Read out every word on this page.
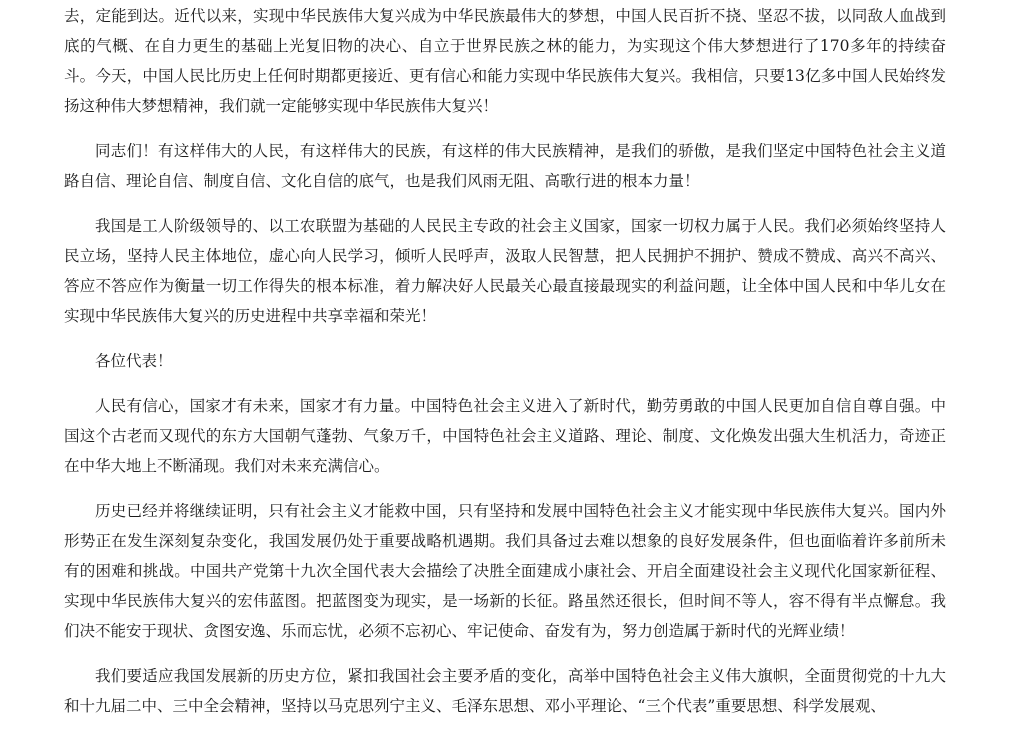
去，定能到达。近代以来，实现中华民族伟大复兴成为中华民族最伟大的梦想，中国人民百折不挠、坚忍不拔，以同敌人血战到底的气概、在自力更生的基础上光复旧物的决心、自立于世界民族之林的能力，为实现这个伟大梦想进行了170多年的持续奋斗。今天，中国人民比历史上任何时期都更接近、更有信心和能力实现中华民族伟大复兴。我相信，只要13亿多中国人民始终发扬这种伟大梦想精神，我们就一定能够实现中华民族伟大复兴！

同志们！有这样伟大的人民，有这样伟大的民族，有这样的伟大民族精神，是我们的骄傲，是我们坚定中国特色社会主义道路自信、理论自信、制度自信、文化自信的底气，也是我们风雨无阻、高歌行进的根本力量！

我国是工人阶级领导的、以工农联盟为基础的人民民主专政的社会主义国家，国家一切权力属于人民。我们必须始终坚持人民立场，坚持人民主体地位，虚心向人民学习，倾听人民呼声，汲取人民智慧，把人民拥护不拥护、赞成不赞成、高兴不高兴、答应不答应作为衡量一切工作得失的根本标准，着力解决好人民最关心最直接最现实的利益问题，让全体中国人民和中华儿女在实现中华民族伟大复兴的历史进程中共享幸福和荣光！

各位代表！

人民有信心，国家才有未来，国家才有力量。中国特色社会主义进入了新时代，勤劳勇敢的中国人民更加自信自尊自强。中国这个古老而又现代的东方大国朝气蓬勃、气象万千，中国特色社会主义道路、理论、制度、文化焕发出强大生机活力，奇迹正在中华大地上不断涌现。我们对未来充满信心。

历史已经并将继续证明，只有社会主义才能救中国，只有坚持和发展中国特色社会主义才能实现中华民族伟大复兴。国内外形势正在发生深刻复杂变化，我国发展仍处于重要战略机遇期。我们具备过去难以想象的良好发展条件，但也面临着许多前所未有的困难和挑战。中国共产党第十九次全国代表大会描绘了决胜全面建成小康社会、开启全面建设社会主义现代化国家新征程、实现中华民族伟大复兴的宏伟蓝图。把蓝图变为现实，是一场新的长征。路虽然还很长，但时间不等人，容不得有半点懈怠。我们决不能安于现状、贪图安逸、乐而忘忧，必须不忘初心、牢记使命、奋发有为，努力创造属于新时代的光辉业绩！

我们要适应我国发展新的历史方位，紧扣我国社会主要矛盾的变化，高举中国特色社会主义伟大旗帜，全面贯彻党的十九大和十九届二中、三中全会精神，坚持以马克思列宁主义、毛泽东思想、邓小平理论、“三个代表”重要思想、科学发展观、
